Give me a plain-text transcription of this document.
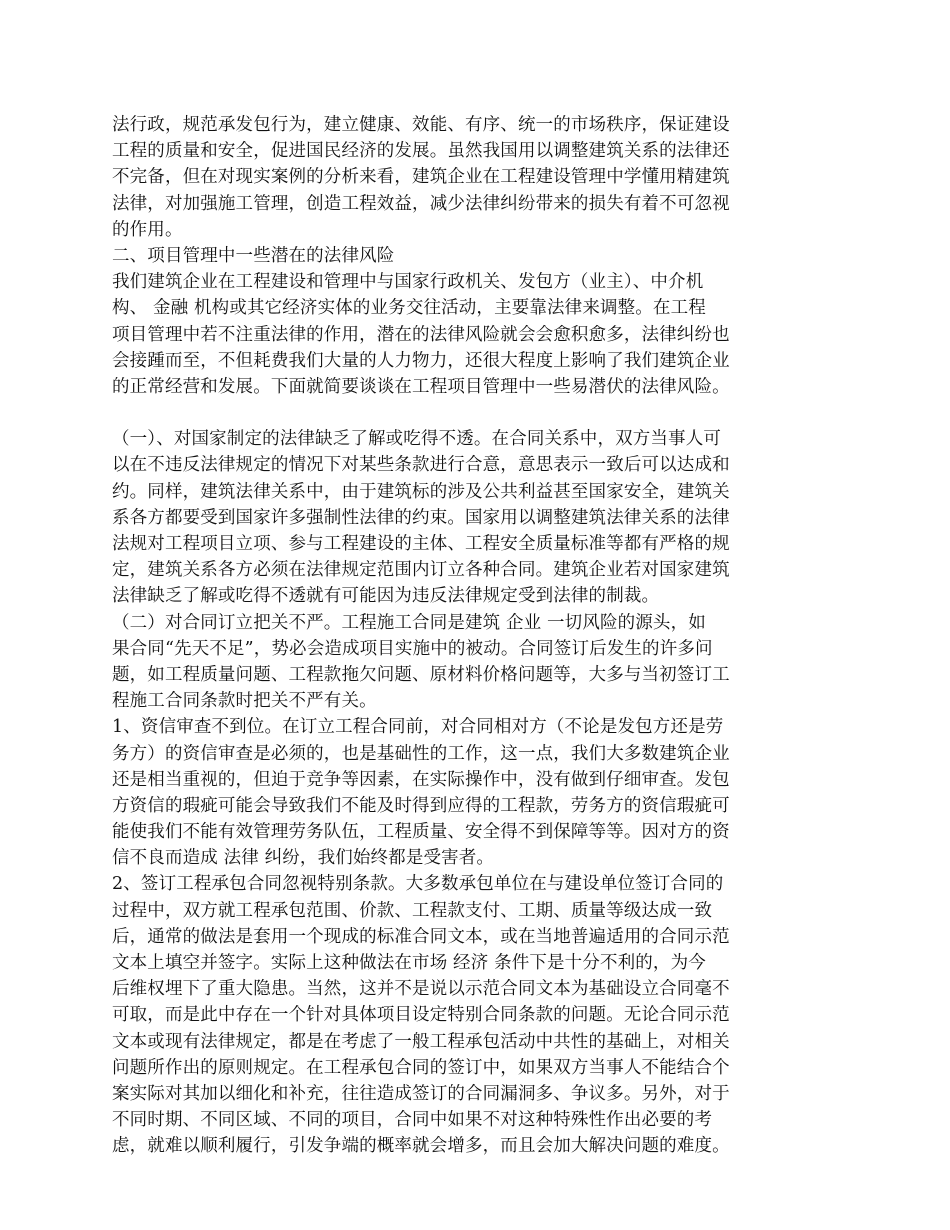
法行政，规范承发包行为，建立健康、效能、有序、统一的市场秩序，保证建设
工程的质量和安全，促进国民经济的发展。虽然我国用以调整建筑关系的法律还
不完备，但在对现实案例的分析来看，建筑企业在工程建设管理中学懂用精建筑
法律，对加强施工管理，创造工程效益，减少法律纠纷带来的损失有着不可忽视
的作用。
二、项目管理中一些潜在的法律风险
我们建筑企业在工程建设和管理中与国家行政机关、发包方（业主）、中介机
构、 金融 机构或其它经济实体的业务交往活动，主要靠法律来调整。在工程
项目管理中若不注重法律的作用，潜在的法律风险就会会愈积愈多，法律纠纷也
会接踵而至，不但耗费我们大量的人力物力，还很大程度上影响了我们建筑企业
的正常经营和发展。下面就简要谈谈在工程项目管理中一些易潜伏的法律风险。
（一）、对国家制定的法律缺乏了解或吃得不透。在合同关系中，双方当事人可
以在不违反法律规定的情况下对某些条款进行合意，意思表示一致后可以达成和
约。同样，建筑法律关系中，由于建筑标的涉及公共利益甚至国家安全，建筑关
系各方都要受到国家许多强制性法律的约束。国家用以调整建筑法律关系的法律
法规对工程项目立项、参与工程建设的主体、工程安全质量标准等都有严格的规
定，建筑关系各方必须在法律规定范围内订立各种合同。建筑企业若对国家建筑
法律缺乏了解或吃得不透就有可能因为违反法律规定受到法律的制裁。
（二）对合同订立把关不严。工程施工合同是建筑 企业 一切风险的源头，如
果合同“先天不足”，势必会造成项目实施中的被动。合同签订后发生的许多问
题，如工程质量问题、工程款拖欠问题、原材料价格问题等，大多与当初签订工
程施工合同条款时把关不严有关。
1、资信审查不到位。在订立工程合同前，对合同相对方（不论是发包方还是劳
务方）的资信审查是必须的，也是基础性的工作，这一点，我们大多数建筑企业
还是相当重视的，但迫于竞争等因素，在实际操作中，没有做到仔细审查。发包
方资信的瑕疵可能会导致我们不能及时得到应得的工程款，劳务方的资信瑕疵可
能使我们不能有效管理劳务队伍，工程质量、安全得不到保障等等。因对方的资
信不良而造成 法律 纠纷，我们始终都是受害者。
2、签订工程承包合同忽视特别条款。大多数承包单位在与建设单位签订合同的
过程中，双方就工程承包范围、价款、工程款支付、工期、质量等级达成一致
后，通常的做法是套用一个现成的标准合同文本，或在当地普遍适用的合同示范
文本上填空并签字。实际上这种做法在市场 经济 条件下是十分不利的，为今
后维权埋下了重大隐患。当然，这并不是说以示范合同文本为基础设立合同毫不
可取，而是此中存在一个针对具体项目设定特别合同条款的问题。无论合同示范
文本或现有法律规定，都是在考虑了一般工程承包活动中共性的基础上，对相关
问题所作出的原则规定。在工程承包合同的签订中，如果双方当事人不能结合个
案实际对其加以细化和补充，往往造成签订的合同漏洞多、争议多。另外，对于
不同时期、不同区域、不同的项目，合同中如果不对这种特殊性作出必要的考
虑，就难以顺利履行，引发争端的概率就会增多，而且会加大解决问题的难度。
